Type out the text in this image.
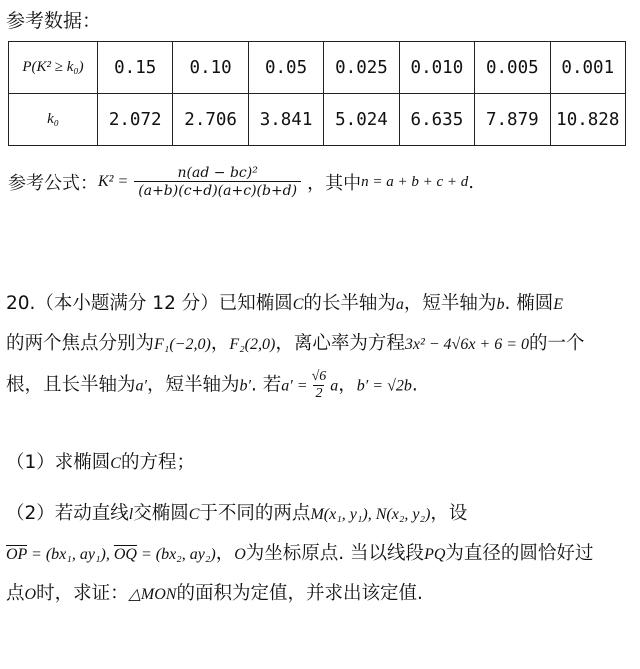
参考数据：
P(K² ≥ k₀)	0.15	0.10	0.05	0.025	0.010	0.005	0.001
k₀	2.072	2.706	3.841	5.024	6.635	7.879	10.828
参考公式： $K^2 = \frac{\text{n(ad − bc)²}}{(a+b)(c+d)(a+c)(b+d)}$ ，其中 n = a + b + c + d .
20.（本小题满分 12 分）已知椭圆C的长半轴为a，短半轴为b. 椭圆E
的两个焦点分别为F₁(−2,0)，F₂(2,0)，离心率为方程3x² − 4√6x + 6 = 0的一个
根，且长半轴为a′，短半轴为b′. 若$a' = \frac{√6}{2}$ a，b′ = √2b.
（1）求椭圆C的方程；
（2）若动直线l交椭圆C于不同的两点M(x₁, y₁), N(x₂, y₂)，设
$\overline{OP} = (bx_1$, ay₁), $\overline{OQ} = (bx_2$, ay₂)，O为坐标原点. 当以线段PQ为直径的圆恰好过
点O时，求证：△MON的面积为定值，并求出该定值.
